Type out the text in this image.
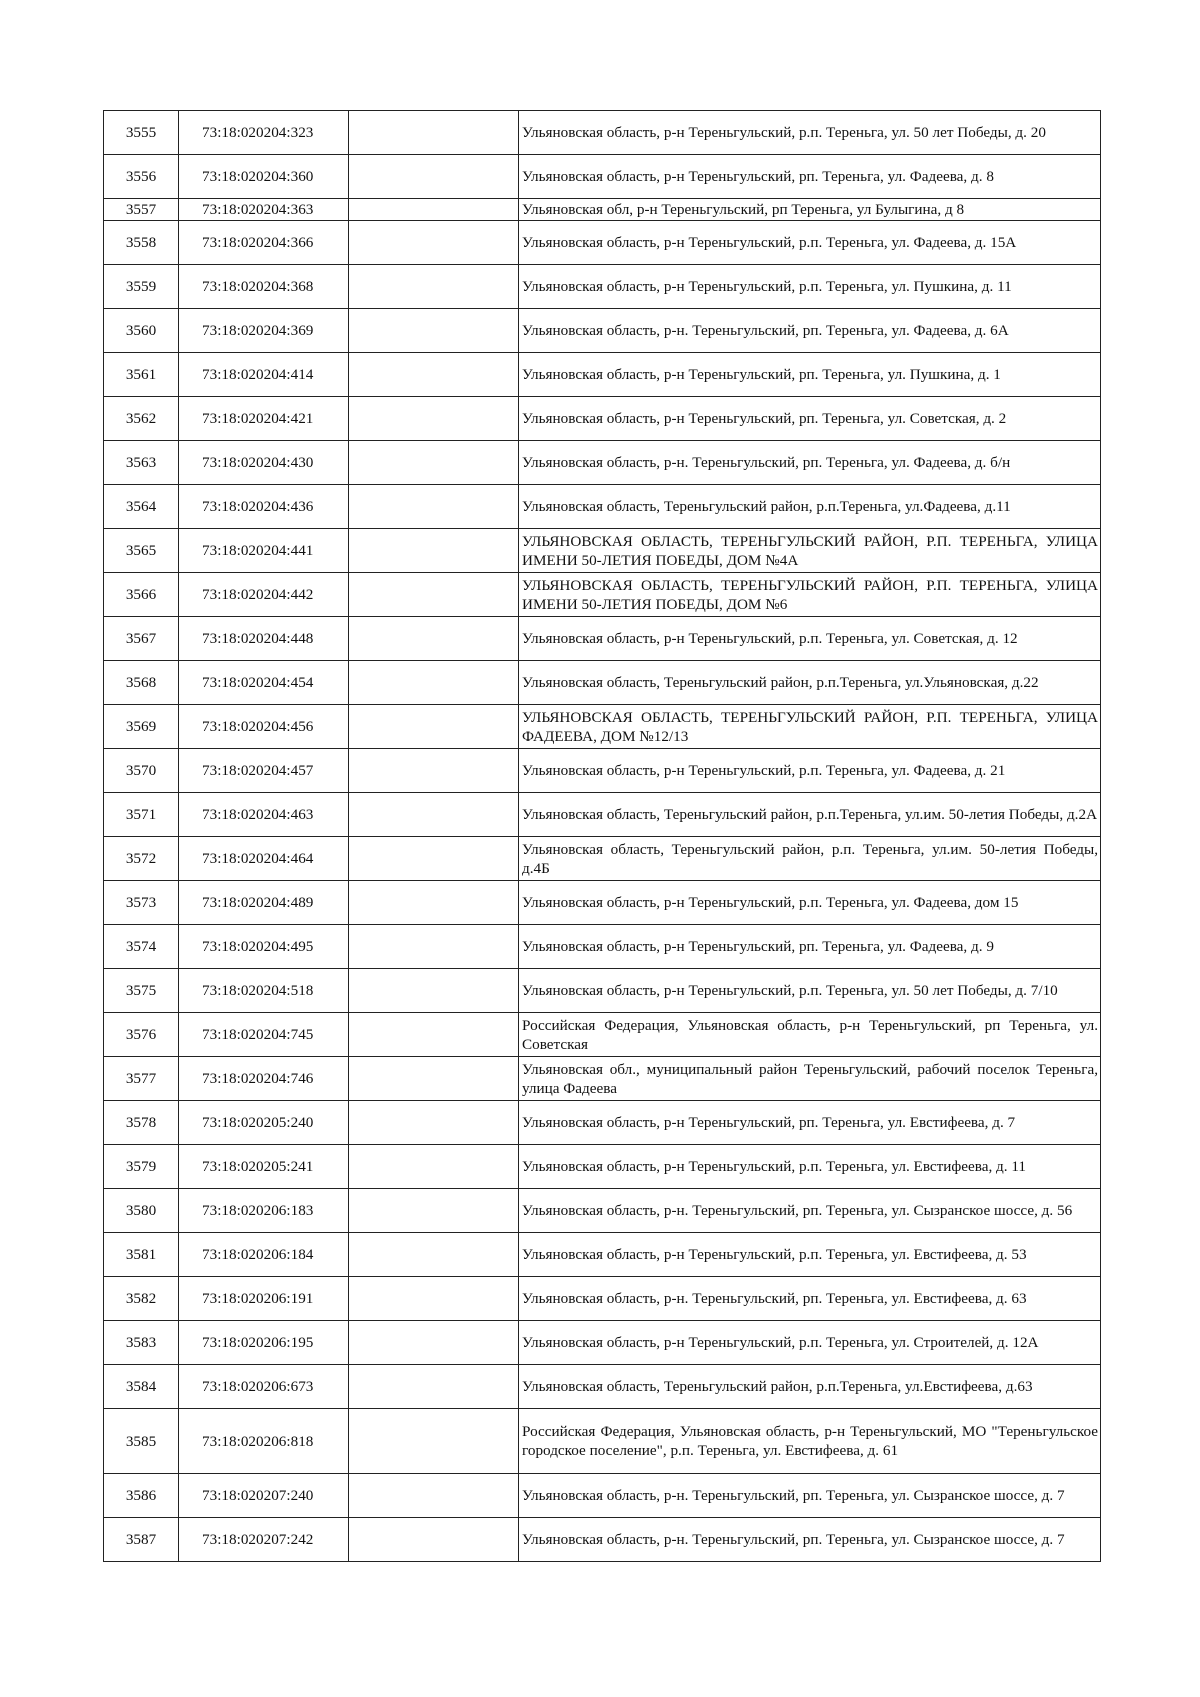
3555	73:18:020204:323		Ульяновская область, р-н Тереньгульский, р.п. Тереньга, ул. 50 лет Победы, д. 20
3556	73:18:020204:360		Ульяновская область, р-н Тереньгульский, рп. Тереньга, ул. Фадеева, д. 8
3557	73:18:020204:363		Ульяновская обл, р-н Тереньгульский, рп Тереньга, ул Булыгина, д 8
3558	73:18:020204:366		Ульяновская область, р-н Тереньгульский, р.п. Тереньга, ул. Фадеева, д. 15А
3559	73:18:020204:368		Ульяновская область, р-н Тереньгульский, р.п. Тереньга, ул. Пушкина, д. 11
3560	73:18:020204:369		Ульяновская область, р-н. Тереньгульский, рп. Тереньга, ул. Фадеева, д. 6А
3561	73:18:020204:414		Ульяновская область, р-н Тереньгульский, рп. Тереньга, ул. Пушкина, д. 1
3562	73:18:020204:421		Ульяновская область, р-н Тереньгульский, рп. Тереньга, ул. Советская, д. 2
3563	73:18:020204:430		Ульяновская область, р-н. Тереньгульский, рп. Тереньга, ул. Фадеева, д. б/н
3564	73:18:020204:436		Ульяновская область, Тереньгульский район, р.п.Тереньга, ул.Фадеева, д.11
3565	73:18:020204:441		УЛЬЯНОВСКАЯ ОБЛАСТЬ, ТЕРЕНЬГУЛЬСКИЙ РАЙОН, Р.П. ТЕРЕНЬГА, УЛИЦА ИМЕНИ 50-ЛЕТИЯ ПОБЕДЫ, ДОМ №4А
3566	73:18:020204:442		УЛЬЯНОВСКАЯ ОБЛАСТЬ, ТЕРЕНЬГУЛЬСКИЙ РАЙОН, Р.П. ТЕРЕНЬГА, УЛИЦА ИМЕНИ 50-ЛЕТИЯ ПОБЕДЫ, ДОМ №6
3567	73:18:020204:448		Ульяновская область, р-н Тереньгульский, р.п. Тереньга, ул. Советская, д. 12
3568	73:18:020204:454		Ульяновская область, Тереньгульский район, р.п.Тереньга, ул.Ульяновская, д.22
3569	73:18:020204:456		УЛЬЯНОВСКАЯ ОБЛАСТЬ, ТЕРЕНЬГУЛЬСКИЙ РАЙОН, Р.П. ТЕРЕНЬГА, УЛИЦА ФАДЕЕВА, ДОМ №12/13
3570	73:18:020204:457		Ульяновская область, р-н Тереньгульский, р.п. Тереньга, ул. Фадеева, д. 21
3571	73:18:020204:463		Ульяновская область, Тереньгульский район, р.п.Тереньга, ул.им. 50-летия Победы, д.2А
3572	73:18:020204:464		Ульяновская область, Тереньгульский район, р.п. Тереньга, ул.им. 50-летия Победы, д.4Б
3573	73:18:020204:489		Ульяновская область, р-н Тереньгульский, р.п. Тереньга, ул. Фадеева, дом 15
3574	73:18:020204:495		Ульяновская область, р-н Тереньгульский, рп. Тереньга, ул. Фадеева, д. 9
3575	73:18:020204:518		Ульяновская область, р-н Тереньгульский, р.п. Тереньга, ул. 50 лет Победы, д. 7/10
3576	73:18:020204:745		Российская Федерация, Ульяновская область, р-н Тереньгульский, рп Тереньга, ул. Советская
3577	73:18:020204:746		Ульяновская обл., муниципальный район Тереньгульский, рабочий поселок Тереньга, улица Фадеева
3578	73:18:020205:240		Ульяновская область, р-н Тереньгульский, рп. Тереньга, ул. Евстифеева, д. 7
3579	73:18:020205:241		Ульяновская область, р-н Тереньгульский, р.п. Тереньга, ул. Евстифеева, д. 11
3580	73:18:020206:183		Ульяновская область, р-н. Тереньгульский, рп. Тереньга, ул. Сызранское шоссе, д. 56
3581	73:18:020206:184		Ульяновская область, р-н Тереньгульский, р.п. Тереньга, ул. Евстифеева, д. 53
3582	73:18:020206:191		Ульяновская область, р-н. Тереньгульский, рп. Тереньга, ул. Евстифеева, д. 63
3583	73:18:020206:195		Ульяновская область, р-н Тереньгульский, р.п. Тереньга, ул. Строителей, д. 12А
3584	73:18:020206:673		Ульяновская область, Тереньгульский район, р.п.Тереньга, ул.Евстифеева, д.63
3585	73:18:020206:818		Российская Федерация, Ульяновская область, р-н Тереньгульский, МО "Тереньгульское городское поселение", р.п. Тереньга, ул. Евстифеева, д. 61
3586	73:18:020207:240		Ульяновская область, р-н. Тереньгульский, рп. Тереньга, ул. Сызранское шоссе, д. 7
3587	73:18:020207:242		Ульяновская область, р-н. Тереньгульский, рп. Тереньга, ул. Сызранское шоссе, д. 7
